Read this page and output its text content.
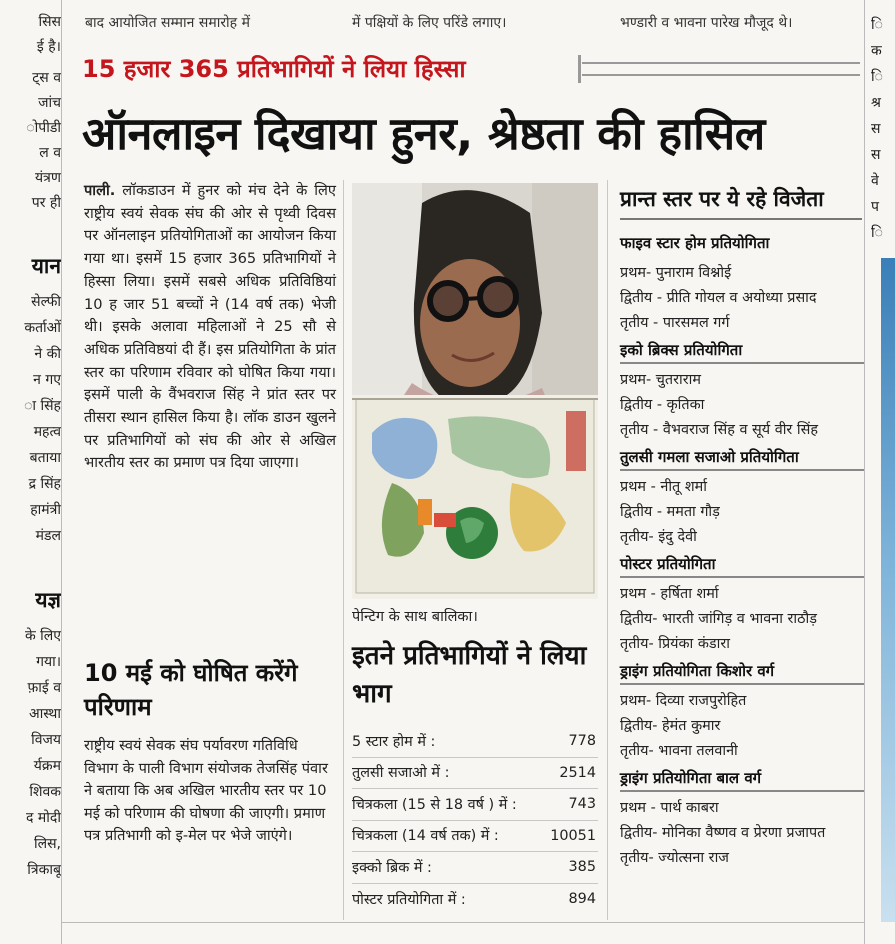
बाद आयोजित सम्मान समारोह में	में पक्षियों के लिए परिंडे लगाए।	भण्डारी व भावना पारेख मौजूद थे।
सिस
ई है।
ट्स व
जांच
ोपीडी
ल व
यंत्रण
पर ही
यान
सेल्फी
कर्ताओं
ने की
न गए
ा सिंह
महत्व
बताया
द्र सिंह
हामंत्री
मंडल
यज्ञ
के लिए
गया।
फ़ाई व
आस्था
विजय
र्यक्रम
शिवक
द मोदी
लिस,
त्रिकाबू
ि
क
ि
श्र
स
स
वे
प
ि
15 हजार 365 प्रतिभागियों ने लिया हिस्सा
ऑनलाइन दिखाया हुनर, श्रेष्ठता की हासिल
पाली. लॉकडाउन में हुनर को मंच देने के लिए राष्ट्रीय स्वयं सेवक संघ की ओर से पृथ्वी दिवस पर ऑनलाइन प्रतियोगिताओं का आयोजन किया गया था। इसमें 15 हजार 365 प्रतिभागियों ने हिस्सा लिया। इसमें सबसे अधिक प्रतिविष्ठियां 10 ह जार 51 बच्चों ने (14 वर्ष तक) भेजी थी। इसके अलावा महिलाओं ने 25 सौ से अधिक प्रतिविष्ठयां दी हैं। इस प्रतियोगिता के प्रांत स्तर का परिणाम रविवार को घोषित किया गया। इसमें पाली के वैंभवराज सिंह ने प्रांत स्तर पर तीसरा स्थान हासिल किया है। लॉक डाउन खुलने पर प्रतिभागियों को संघ की ओर से अखिल भारतीय स्तर का प्रमाण पत्र दिया जाएगा।
10 मई को घोषित करेंगे परिणाम
राष्ट्रीय स्वयं सेवक संघ पर्यावरण गतिविधि विभाग के पाली विभाग संयोजक तेजसिंह पंवार ने बताया कि अब अखिल भारतीय स्तर पर 10 मई को परिणाम की घोषणा की जाएगी। प्रमाण पत्र प्रतिभागी को इ-मेल पर भेजे जाएंगे।
पेन्टिग के साथ बालिका।
इतने प्रतिभागियों ने लिया भाग
5 स्टार होम में :	778
तुलसी सजाओ में :	2514
चित्रकला (15 से 18 वर्ष ) में :	743
चित्रकला (14 वर्ष तक) में :	10051
इक्को ब्रिक में :	385
पोस्टर प्रतियोगिता में :	894
प्रान्त स्तर पर ये रहे विजेता
फाइव स्टार होम प्रतियोगिता
प्रथम- पुनाराम विश्नोई
द्वितीय - प्रीति गोयल व अयोध्या प्रसाद
तृतीय - पारसमल गर्ग
इको ब्रिक्स प्रतियोगिता
प्रथम- चुतराराम
द्वितीय - कृतिका
तृतीय - वैभवराज सिंह व सूर्य वीर सिंह
तुलसी गमला सजाओ प्रतियोगिता
प्रथम - नीतू शर्मा
द्वितीय - ममता गौड़
तृतीय- इंदु देवी
पोस्टर प्रतियोगिता
प्रथम - हर्षिता शर्मा
द्वितीय- भारती जांगिड़ व भावना राठौड़
तृतीय- प्रियंका कंडारा
ड्राइंग प्रतियोगिता किशोर वर्ग
प्रथम- दिव्या राजपुरोहित
द्वितीय- हेमंत कुमार
तृतीय- भावना तलवानी
ड्राइंग प्रतियोगिता बाल वर्ग
प्रथम - पार्थ काबरा
द्वितीय- मोनिका वैष्णव व प्रेरणा प्रजापत
तृतीय- ज्योत्सना राज
